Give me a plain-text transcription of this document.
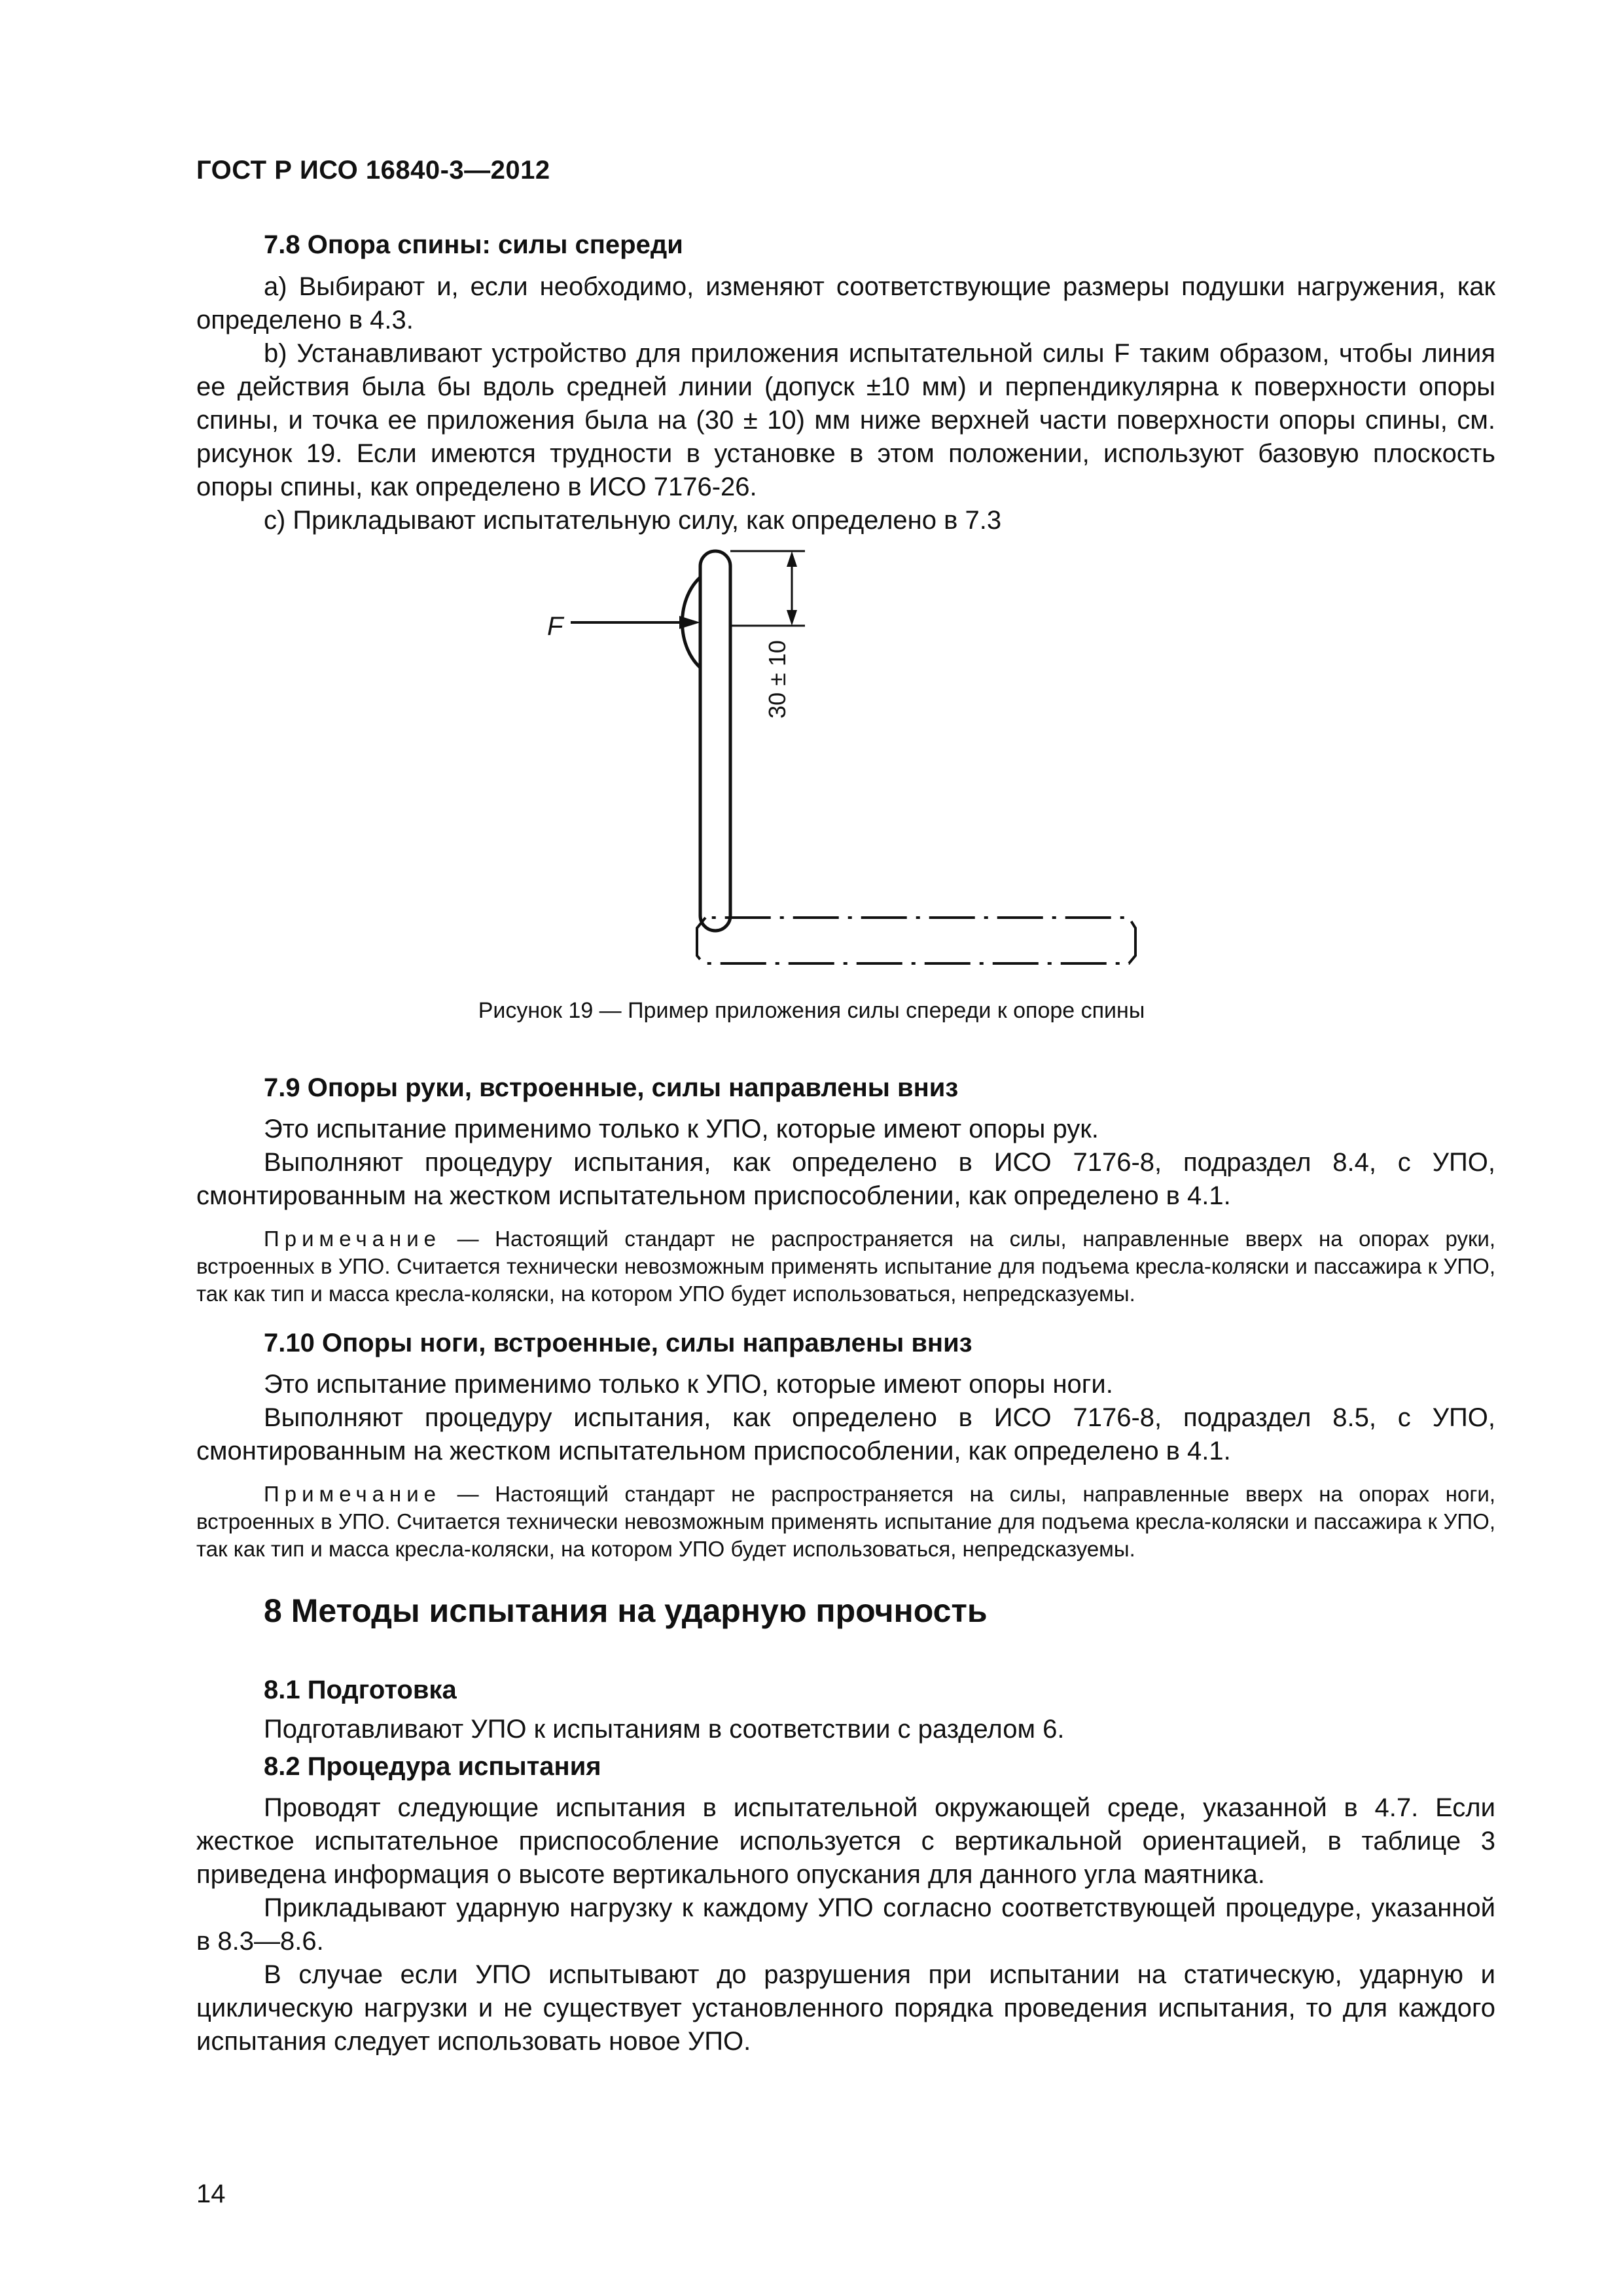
ГОСТ Р ИСО 16840-3—2012
7.8 Опора спины: силы спереди

a) Выбирают и, если необходимо, изменяют соответствующие размеры подушки нагружения, как определено в 4.3.

b) Устанавливают устройство для приложения испытательной силы F таким образом, чтобы линия ее действия была бы вдоль средней линии (допуск ±10 мм) и перпендикулярна к поверхности опоры спины, и точка ее приложения была на (30 ± 10) мм ниже верхней части поверхности опоры спины, см. рисунок 19. Если имеются трудности в установке в этом положении, используют базовую плоскость опоры спины, как определено в ИСО 7176-26.

c) Прикладывают испытательную силу, как определено в 7.3

F
30 ± 10
Рисунок 19 — Пример приложения силы спереди к опоре спины
7.9 Опоры руки, встроенные, силы направлены вниз

Это испытание применимо только к УПО, которые имеют опоры рук.

Выполняют процедуру испытания, как определено в ИСО 7176-8, подраздел 8.4, с УПО, смонтированным на жестком испытательном приспособлении, как определено в 4.1.

Примечание — Настоящий стандарт не распространяется на силы, направленные вверх на опорах руки, встроенных в УПО. Считается технически невозможным применять испытание для подъема кресла-коляски и пассажира к УПО, так как тип и масса кресла-коляски, на котором УПО будет использоваться, непредсказуемы.

7.10 Опоры ноги, встроенные, силы направлены вниз

Это испытание применимо только к УПО, которые имеют опоры ноги.

Выполняют процедуру испытания, как определено в ИСО 7176-8, подраздел 8.5, с УПО, смонтированным на жестком испытательном приспособлении, как определено в 4.1.

Примечание — Настоящий стандарт не распространяется на силы, направленные вверх на опорах ноги, встроенных в УПО. Считается технически невозможным применять испытание для подъема кресла-коляски и пассажира к УПО, так как тип и масса кресла-коляски, на котором УПО будет использоваться, непредсказуемы.

8 Методы испытания на ударную прочность
8.1 Подготовка

Подготавливают УПО к испытаниям в соответствии с разделом 6.

8.2 Процедура испытания

Проводят следующие испытания в испытательной окружающей среде, указанной в 4.7. Если жесткое испытательное приспособление используется с вертикальной ориентацией, в таблице 3 приведена информация о высоте вертикального опускания для данного угла маятника.

Прикладывают ударную нагрузку к каждому УПО согласно соответствующей процедуре, указанной в 8.3—8.6.

В случае если УПО испытывают до разрушения при испытании на статическую, ударную и циклическую нагрузки и не существует установленного порядка проведения испытания, то для каждого испытания следует использовать новое УПО.

14
